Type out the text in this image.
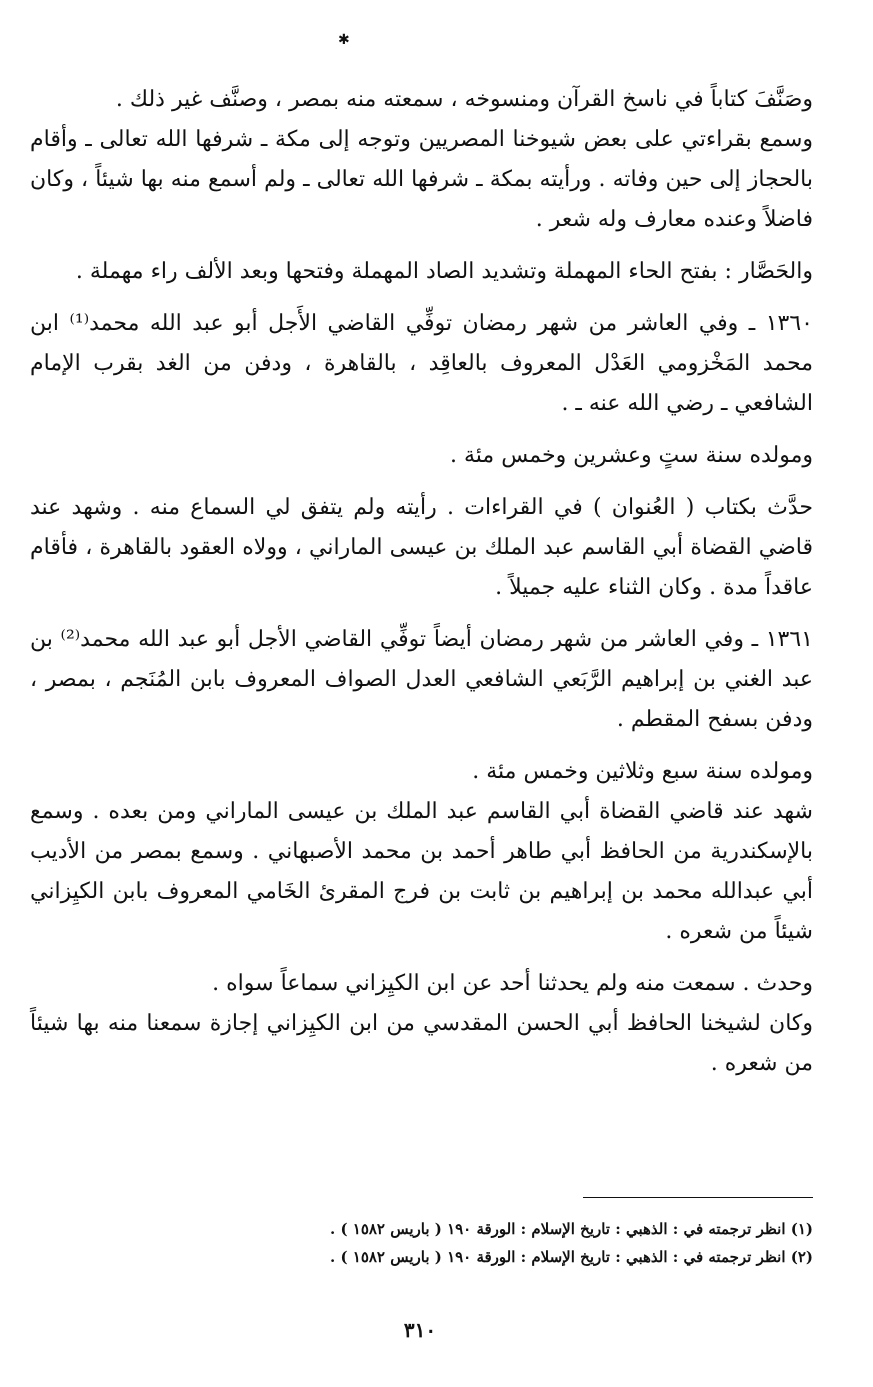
✱

وصَنَّفَ كتاباً في ناسخ القرآن ومنسوخه ، سمعته منه بمصر ، وصنَّف غير ذلك .

وسمع بقراءتي على بعض شيوخنا المصريين وتوجه إلى مكة ـ شرفها الله تعالى ـ وأقام بالحجاز إلى حين وفاته . ورأيته بمكة ـ شرفها الله تعالى ـ ولم أسمع منه بها شيئاً ، وكان فاضلاً وعنده معارف وله شعر .

والحَصَّار : بفتح الحاء المهملة وتشديد الصاد المهملة وفتحها وبعد الألف راء مهملة .

١٣٦٠ ـ وفي العاشر من شهر رمضان توفِّي القاضي الأَجل أبو عبد الله محمد⁽¹⁾ ابن محمد المَخْزومي العَدْل المعروف بالعاقِد ، بالقاهرة ، ودفن من الغد بقرب الإمام الشافعي ـ رضي الله عنه ـ .

ومولده سنة ستٍ وعشرين وخمس مئة .

حدَّث بكتاب ( العُنوان ) في القراءات . رأيته ولم يتفق لي السماع منه . وشهد عند قاضي القضاة أبي القاسم عبد الملك بن عيسى الماراني ، وولاه العقود بالقاهرة ، فأقام عاقداً مدة . وكان الثناء عليه جميلاً .

١٣٦١ ـ وفي العاشر من شهر رمضان أيضاً توفِّي القاضي الأجل أبو عبد الله محمد⁽²⁾ بن عبد الغني بن إبراهيم الرَّبَعي الشافعي العدل الصواف المعروف بابن المُنَجم ، بمصر ، ودفن بسفح المقطم .

ومولده سنة سبع وثلاثين وخمس مئة .

شهد عند قاضي القضاة أبي القاسم عبد الملك بن عيسى الماراني ومن بعده . وسمع بالإسكندرية من الحافظ أبي طاهر أحمد بن محمد الأصبهاني . وسمع بمصر من الأديب أبي عبدالله محمد بن إبراهيم بن ثابت بن فرج المقرئ الخَامي المعروف بابن الكيِزاني شيئاً من شعره .

وحدث . سمعت منه ولم يحدثنا أحد عن ابن الكيِزاني سماعاً سواه .

وكان لشيخنا الحافظ أبي الحسن المقدسي من ابن الكيِزاني إجازة سمعنا منه بها شيئاً من شعره .

(١) انظر ترجمته في : الذهبي : تاريخ الإسلام : الورقة ١٩٠ ( باريس ١٥٨٢ ) .

(٢) انظر ترجمته في : الذهبي : تاريخ الإسلام : الورقة ١٩٠ ( باريس ١٥٨٢ ) .

٣١٠
